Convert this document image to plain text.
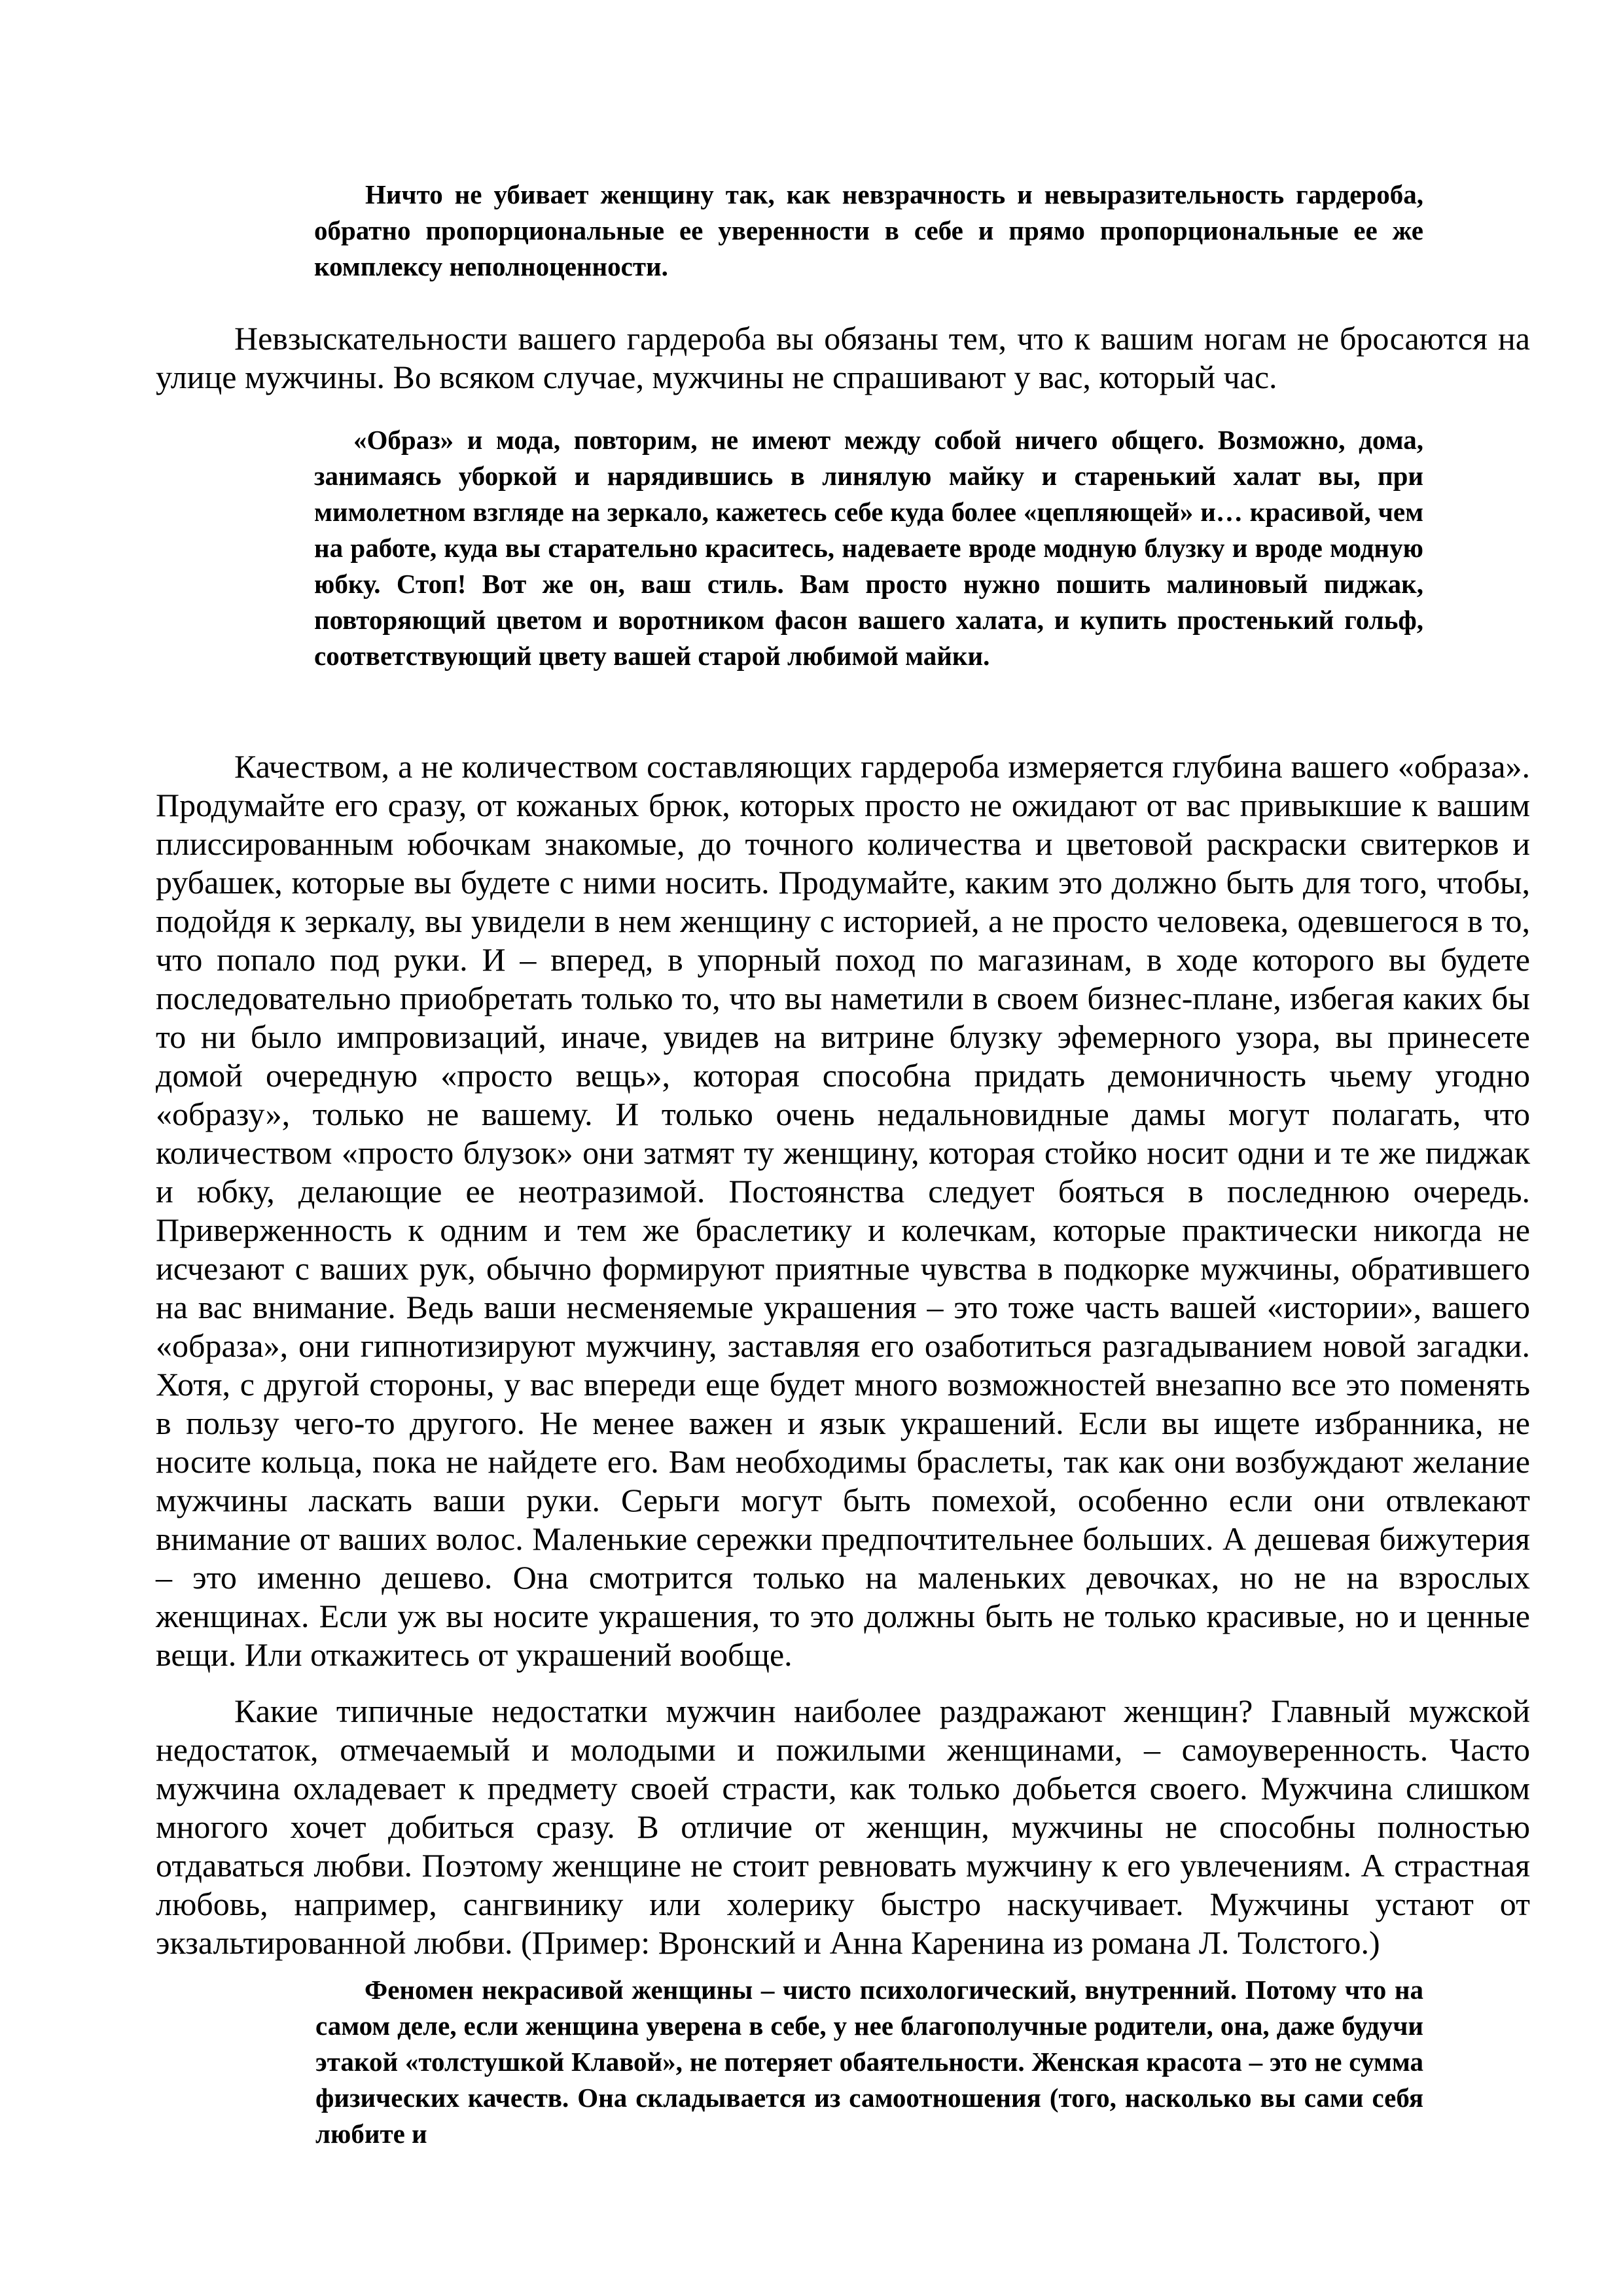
Ничто не убивает женщину так, как невзрачность и невыразительность гардероба, обратно пропорциональные ее уверенности в себе и прямо пропорциональные ее же комплексу неполноценности.

Невзыскательности вашего гардероба вы обязаны тем, что к вашим ногам не бросаются на улице мужчины. Во всяком случае, мужчины не спрашивают у вас, который час.

«Образ» и мода, повторим, не имеют между собой ничего общего. Возможно, дома, занимаясь уборкой и нарядившись в линялую майку и старенький халат вы, при мимолетном взгляде на зеркало, кажетесь себе куда более «цепляющей» и… красивой, чем на работе, куда вы старательно краситесь, надеваете вроде модную блузку и вроде модную юбку. Стоп! Вот же он, ваш стиль. Вам просто нужно пошить малиновый пиджак, повторяющий цветом и воротником фасон вашего халата, и купить простенький гольф, соответствующий цвету вашей старой любимой майки.

Качеством, а не количеством составляющих гардероба измеряется глубина вашего «образа». Продумайте его сразу, от кожаных брюк, которых просто не ожидают от вас привыкшие к вашим плиссированным юбочкам знакомые, до точного количества и цветовой раскраски свитерков и рубашек, которые вы будете с ними носить. Продумайте, каким это должно быть для того, чтобы, подойдя к зеркалу, вы увидели в нем женщину с историей, а не просто человека, одевшегося в то, что попало под руки. И – вперед, в упорный поход по магазинам, в ходе которого вы будете последовательно приобретать только то, что вы наметили в своем бизнес-плане, избегая каких бы то ни было импровизаций, иначе, увидев на витрине блузку эфемерного узора, вы принесете домой очередную «просто вещь», которая способна придать демоничность чьему угодно «образу», только не вашему. И только очень недальновидные дамы могут полагать, что количеством «просто блузок» они затмят ту женщину, которая стойко носит одни и те же пиджак и юбку, делающие ее неотразимой. Постоянства следует бояться в последнюю очередь. Приверженность к одним и тем же браслетику и колечкам, которые практически никогда не исчезают с ваших рук, обычно формируют приятные чувства в подкорке мужчины, обратившего на вас внимание. Ведь ваши несменяемые украшения – это тоже часть вашей «истории», вашего «образа», они гипнотизируют мужчину, заставляя его озаботиться разгадыванием новой загадки. Хотя, с другой стороны, у вас впереди еще будет много возможностей внезапно все это поменять в пользу чего-то другого. Не менее важен и язык украшений. Если вы ищете избранника, не носите кольца, пока не найдете его. Вам необходимы браслеты, так как они возбуждают желание мужчины ласкать ваши руки. Серьги могут быть помехой, особенно если они отвлекают внимание от ваших волос. Маленькие сережки предпочтительнее больших. А дешевая бижутерия – это именно дешево. Она смотрится только на маленьких девочках, но не на взрослых женщинах. Если уж вы носите украшения, то это должны быть не только красивые, но и ценные вещи. Или откажитесь от украшений вообще.

Какие типичные недостатки мужчин наиболее раздражают женщин? Главный мужской недостаток, отмечаемый и молодыми и пожилыми женщинами, – самоуверенность. Часто мужчина охладевает к предмету своей страсти, как только добьется своего. Мужчина слишком многого хочет добиться сразу. В отличие от женщин, мужчины не способны полностью отдаваться любви. Поэтому женщине не стоит ревновать мужчину к его увлечениям. А страстная любовь, например, сангвинику или холерику быстро наскучивает. Мужчины устают от экзальтированной любви. (Пример: Вронский и Анна Каренина из романа Л. Толстого.)

Феномен некрасивой женщины – чисто психологический, внутренний. Потому что на самом деле, если женщина уверена в себе, у нее благополучные родители, она, даже будучи этакой «толстушкой Клавой», не потеряет обаятельности. Женская красота – это не сумма физических качеств. Она складывается из самоотношения (того, насколько вы сами себя любите и
